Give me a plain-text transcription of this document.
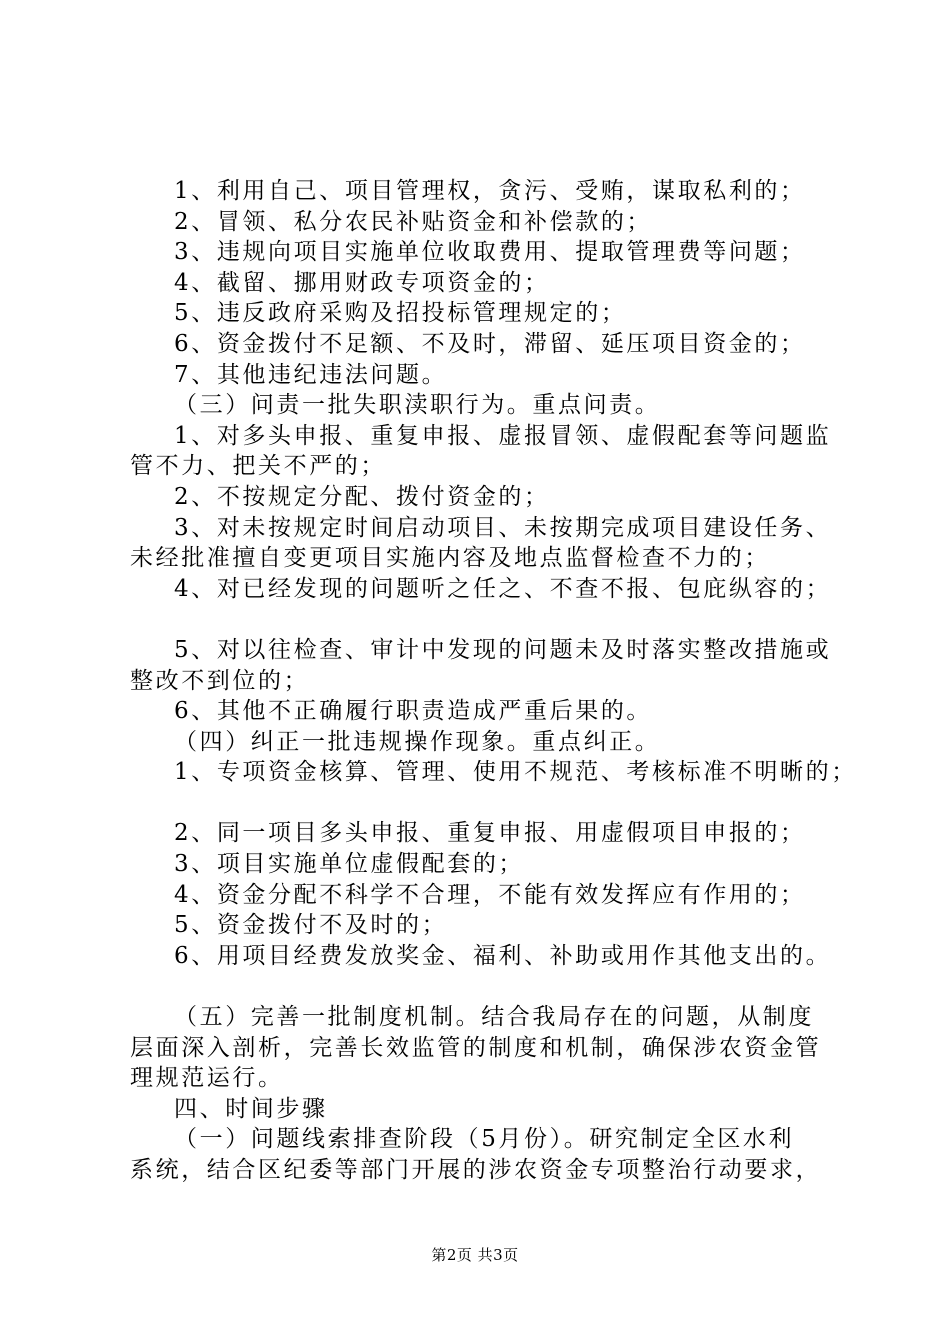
1、利用自己、项目管理权，贪污、受贿，谋取私利的；
2、冒领、私分农民补贴资金和补偿款的；
3、违规向项目实施单位收取费用、提取管理费等问题；
4、截留、挪用财政专项资金的；
5、违反政府采购及招投标管理规定的；
6、资金拨付不足额、不及时，滞留、延压项目资金的；
7、其他违纪违法问题。
（三）问责一批失职渎职行为。重点问责。
1、对多头申报、重复申报、虚报冒领、虚假配套等问题监
管不力、把关不严的；
2、不按规定分配、拨付资金的；
3、对未按规定时间启动项目、未按期完成项目建设任务、
未经批准擅自变更项目实施内容及地点监督检查不力的；
4、对已经发现的问题听之任之、不查不报、包庇纵容的；
5、对以往检查、审计中发现的问题未及时落实整改措施或
整改不到位的；
6、其他不正确履行职责造成严重后果的。
（四）纠正一批违规操作现象。重点纠正。
1、专项资金核算、管理、使用不规范、考核标准不明晰的；
2、同一项目多头申报、重复申报、用虚假项目申报的；
3、项目实施单位虚假配套的；
4、资金分配不科学不合理，不能有效发挥应有作用的；
5、资金拨付不及时的；
6、用项目经费发放奖金、福利、补助或用作其他支出的。
（五）完善一批制度机制。结合我局存在的问题，从制度
层面深入剖析，完善长效监管的制度和机制，确保涉农资金管
理规范运行。
四、时间步骤
（一）问题线索排查阶段（5月份）。研究制定全区水利
系统，结合区纪委等部门开展的涉农资金专项整治行动要求，
第2页 共3页
